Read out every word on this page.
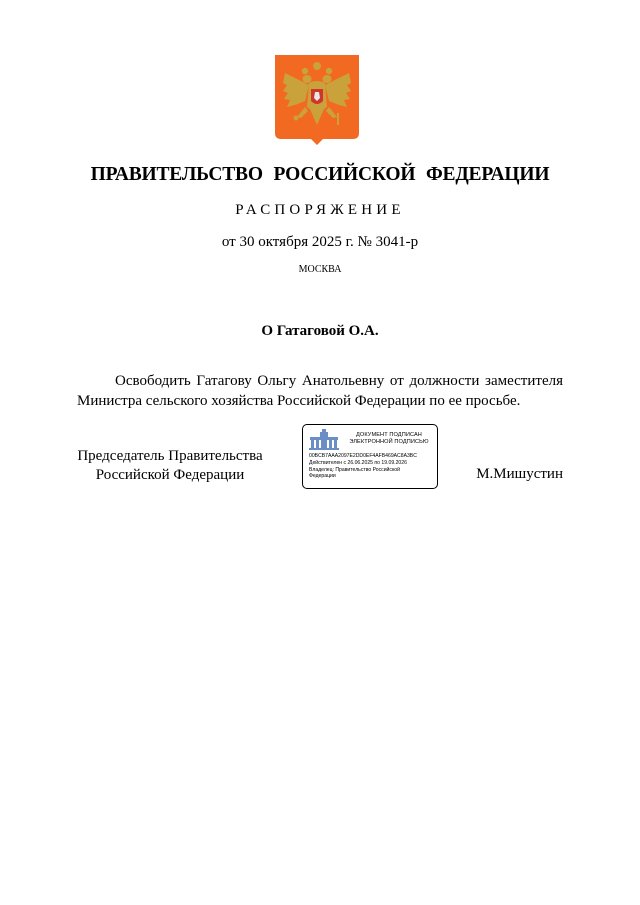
ПРАВИТЕЛЬСТВО РОССИЙСКОЙ ФЕДЕРАЦИИ
РАСПОРЯЖЕНИЕ
от 30 октября 2025 г. № 3041-р
МОСКВА
О Гатаговой О.А.
Освободить Гатагову Ольгу Анатольевну от должности заместителя Министра сельского хозяйства Российской Федерации по ее просьбе.
Председатель Правительства
Российской Федерации
ДОКУМЕНТ ПОДПИСАН
ЭЛЕКТРОННОЙ ПОДПИСЬЮ
00BCB7AAA2097E2DD0EF4AFB469AC8A3BC
Действителен с 26.06.2025 по 19.09.2026
Владелец: Правительство Российской Федерации	М.Мишустин
